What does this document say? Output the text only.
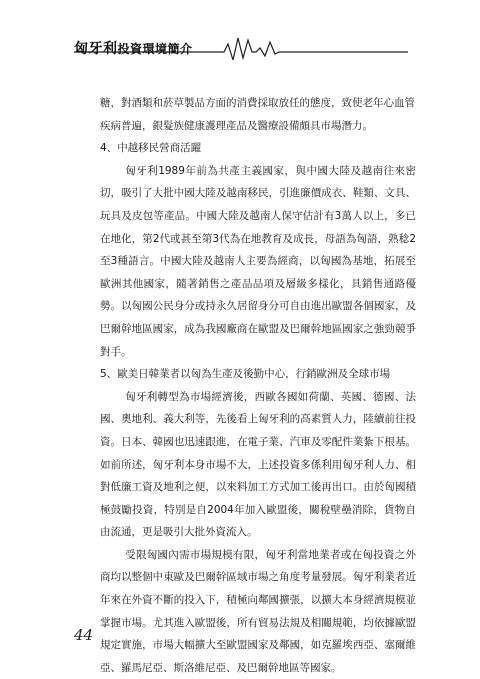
匈牙利投資環境簡介

糖，對酒類和菸草製品方面的消費採取放任的態度，致使老年心血管
疾病普遍，銀髮族健康護理產品及醫療設備頗具市場潛力。

4、中越移民營商活躍

匈牙利1989年前為共產主義國家，與中國大陸及越南往來密切，吸引了大批中國大陸及越南移民，引進廉價成衣、鞋類、文具、玩具及皮包等產品。中國大陸及越南人保守估計有3萬人以上，多已在地化，第2代或甚至第3代為在地教育及成長，母語為匈語，熟稔2至3種語言。中國大陸及越南人主要為經商，以匈國為基地，拓展至歐洲其他國家，隨著銷售之產品品項及層級多樣化，具銷售通路優勢。以匈國公民身分或持永久居留身分可自由進出歐盟各個國家，及巴爾幹地區國家，成為我國廠商在歐盟及巴爾幹地區國家之強勁競爭對手。

5、歐美日韓業者以匈為生產及後勤中心，行銷歐洲及全球市場

匈牙利轉型為市場經濟後，西歐各國如荷蘭、英國、德國、法國、奧地利、義大利等，先後看上匈牙利的高素質人力，陸續前往投資。日本、韓國也迅速跟進，在電子業、汽車及零配件業紮下根基。如前所述，匈牙利本身市場不大，上述投資多係利用匈牙利人力、相對低廉工資及地利之便，以來料加工方式加工後再出口。由於匈國積極鼓勵投資，特別是自2004年加入歐盟後，關稅壁壘消除，貨物自由流通，更是吸引大批外資流入。

受限匈國內需市場規模有限，匈牙利當地業者或在匈投資之外商均以整個中東歐及巴爾幹區域市場之角度考量發展。匈牙利業者近年來在外資不斷的投入下，積極向鄰國擴張，以擴大本身經濟規模並掌握市場。尤其進入歐盟後，所有貿易法規及相關規範，均依據歐盟規定實施，市場大幅擴大至歐盟國家及鄰國，如克羅埃西亞、塞爾維亞、羅馬尼亞、斯洛維尼亞、及巴爾幹地區等國家。

44
